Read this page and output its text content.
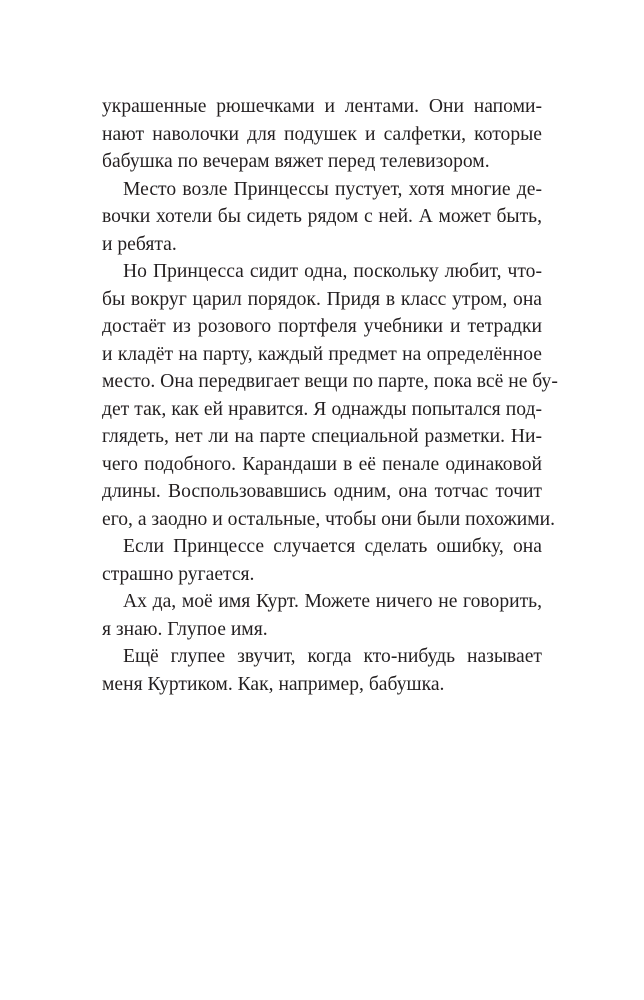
украшенные рюшечками и лентами. Они напоми-
нают наволочки для подушек и салфетки, которые
бабушка по вечерам вяжет перед телевизором.
Место возле Принцессы пустует, хотя многие де-
вочки хотели бы сидеть рядом с ней. А может быть,
и ребята.
Но Принцесса сидит одна, поскольку любит, что-
бы вокруг царил порядок. Придя в класс утром, она
достаёт из розового портфеля учебники и тетрадки
и кладёт на парту, каждый предмет на определённое
место. Она передвигает вещи по парте, пока всё не бу-
дет так, как ей нравится. Я однажды попытался под-
глядеть, нет ли на парте специальной разметки. Ни-
чего подобного. Карандаши в её пенале одинаковой
длины. Воспользовавшись одним, она тотчас точит
его, а заодно и остальные, чтобы они были похожими.
Если Принцессе случается сделать ошибку, она
страшно ругается.
Ах да, моё имя Курт. Можете ничего не говорить,
я знаю. Глупое имя.
Ещё глупее звучит, когда кто-нибудь называет
меня Куртиком. Как, например, бабушка.
